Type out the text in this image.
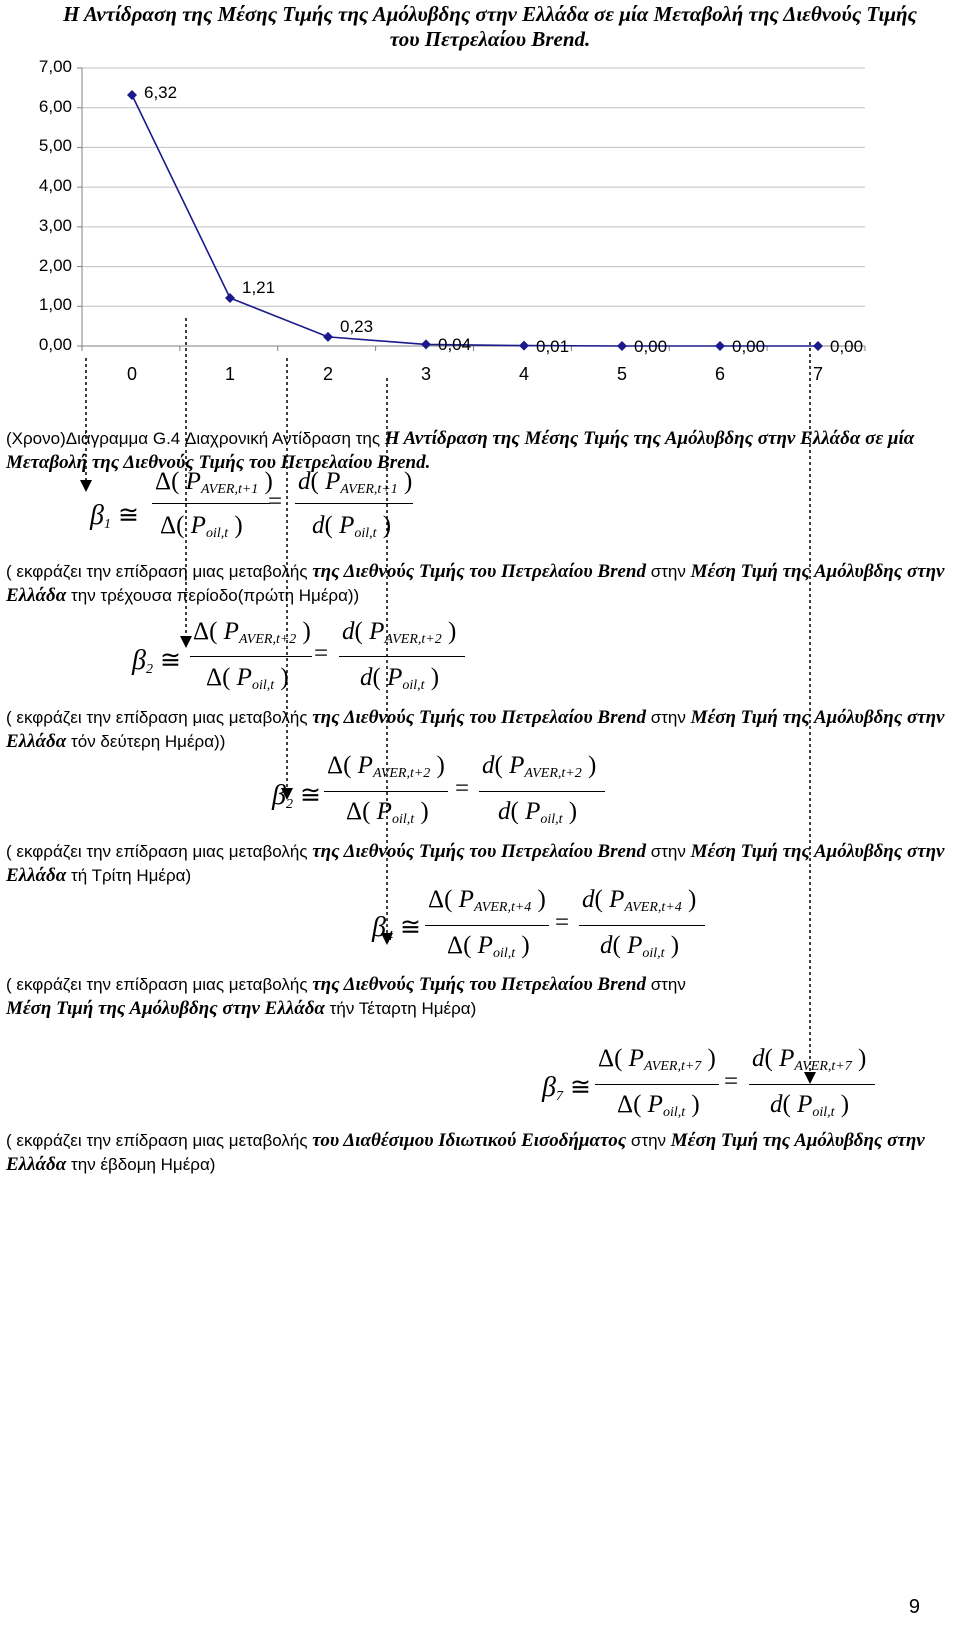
Η Αντίδραση της Μέσης Τιμής της Αμόλυβδης στην Ελλάδα σε μία Μεταβολή της Διεθνούς Τιμής του Πετρελαίου Brend.
0,00
1,00
2,00
3,00
4,00
5,00
6,00
7,00
0	1	2	3	4	5	6	7
6,32
1,21
0,23
0,04	0,01	0,00	0,00	0,00
(Χρονο)Διάγραμμα G.4 Διαχρονική Αντίδραση της Η Αντίδραση της Μέσης Τιμής της Αμόλυβδης στην Ελλάδα σε μία Μεταβολή της Διεθνούς Τιμής του Πετρελαίου Brend.
$\beta_1$ ≅
Δ( $P_{AVER,t+1}$ )
Δ( $P_{oil,t}$ )
=
d( $P_{AVER,t+1}$ )
d( $P_{oil,t}$ )
( εκφράζει την επίδραση μιας μεταβολής της Διεθνούς Τιμής του Πετρελαίου Brend στην Μέση Τιμή της Αμόλυβδης στην Ελλάδα την τρέχουσα περίοδο(πρώτη Ημέρα))
$\beta_2$ ≅
Δ( $P_{AVER,t+2}$ )
Δ( $P_{oil,t}$ )
=
d( $P_{AVER,t+2}$ )
d( $P_{oil,t}$ )
( εκφράζει την επίδραση μιας μεταβολής της Διεθνούς Τιμής του Πετρελαίου Brend στην Μέση Τιμή της Αμόλυβδης στην Ελλάδα τόν δεύτερη Ημέρα))
$\beta_2$ ≅
Δ( $P_{AVER,t+2}$ )
Δ( $P_{oil,t}$ )
=
d( $P_{AVER,t+2}$ )
d( $P_{oil,t}$ )
( εκφράζει την επίδραση μιας μεταβολής της Διεθνούς Τιμής του Πετρελαίου Brend στην Μέση Τιμή της Αμόλυβδης στην Ελλάδα τή Τρίτη Ημέρα)
$\beta_4$ ≅
Δ( $P_{AVER,t+4}$ )
Δ( $P_{oil,t}$ )
=
d( $P_{AVER,t+4}$ )
d( $P_{oil,t}$ )
( εκφράζει την επίδραση μιας μεταβολής της Διεθνούς Τιμής του Πετρελαίου Brend στην
Μέση Τιμή της Αμόλυβδης στην Ελλάδα τήν Τέταρτη Ημέρα)
$\beta_7$ ≅
Δ( $P_{AVER,t+7}$ )
Δ( $P_{oil,t}$ )
=
d( $P_{AVER,t+7}$ )
d( $P_{oil,t}$ )
( εκφράζει την επίδραση μιας μεταβολής του Διαθέσιμου Ιδιωτικού Εισοδήματος στην Μέση Τιμή της Αμόλυβδης στην Ελλάδα την έβδομη Ημέρα)
9
